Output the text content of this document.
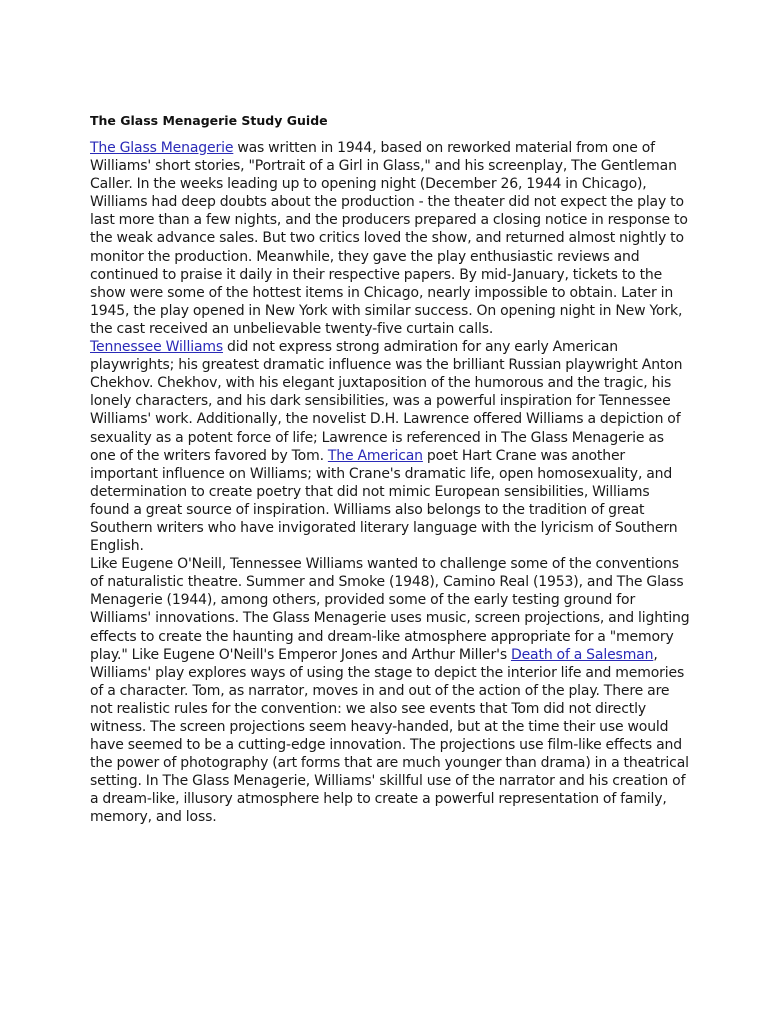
The Glass Menagerie Study Guide

The Glass Menagerie was written in 1944, based on reworked material from one of Williams' short stories, "Portrait of a Girl in Glass," and his screenplay, The Gentleman Caller. In the weeks leading up to opening night (December 26, 1944 in Chicago), Williams had deep doubts about the production - the theater did not expect the play to last more than a few nights, and the producers prepared a closing notice in response to the weak advance sales. But two critics loved the show, and returned almost nightly to monitor the production. Meanwhile, they gave the play enthusiastic reviews and continued to praise it daily in their respective papers. By mid-January, tickets to the show were some of the hottest items in Chicago, nearly impossible to obtain. Later in 1945, the play opened in New York with similar success. On opening night in New York, the cast received an unbelievable twenty-five curtain calls.

Tennessee Williams did not express strong admiration for any early American playwrights; his greatest dramatic influence was the brilliant Russian playwright Anton Chekhov. Chekhov, with his elegant juxtaposition of the humorous and the tragic, his lonely characters, and his dark sensibilities, was a powerful inspiration for Tennessee Williams' work. Additionally, the novelist D.H. Lawrence offered Williams a depiction of sexuality as a potent force of life; Lawrence is referenced in The Glass Menagerie as one of the writers favored by Tom. The American poet Hart Crane was another important influence on Williams; with Crane's dramatic life, open homosexuality, and determination to create poetry that did not mimic European sensibilities, Williams found a great source of inspiration. Williams also belongs to the tradition of great Southern writers who have invigorated literary language with the lyricism of Southern English.

Like Eugene O'Neill, Tennessee Williams wanted to challenge some of the conventions of naturalistic theatre. Summer and Smoke (1948), Camino Real (1953), and The Glass Menagerie (1944), among others, provided some of the early testing ground for Williams' innovations. The Glass Menagerie uses music, screen projections, and lighting effects to create the haunting and dream-like atmosphere appropriate for a "memory play." Like Eugene O'Neill's Emperor Jones and Arthur Miller's Death of a Salesman, Williams' play explores ways of using the stage to depict the interior life and memories of a character. Tom, as narrator, moves in and out of the action of the play. There are not realistic rules for the convention: we also see events that Tom did not directly witness. The screen projections seem heavy-handed, but at the time their use would have seemed to be a cutting-edge innovation. The projections use film-like effects and the power of photography (art forms that are much younger than drama) in a theatrical setting. In The Glass Menagerie, Williams' skillful use of the narrator and his creation of a dream-like, illusory atmosphere help to create a powerful representation of family, memory, and loss.
